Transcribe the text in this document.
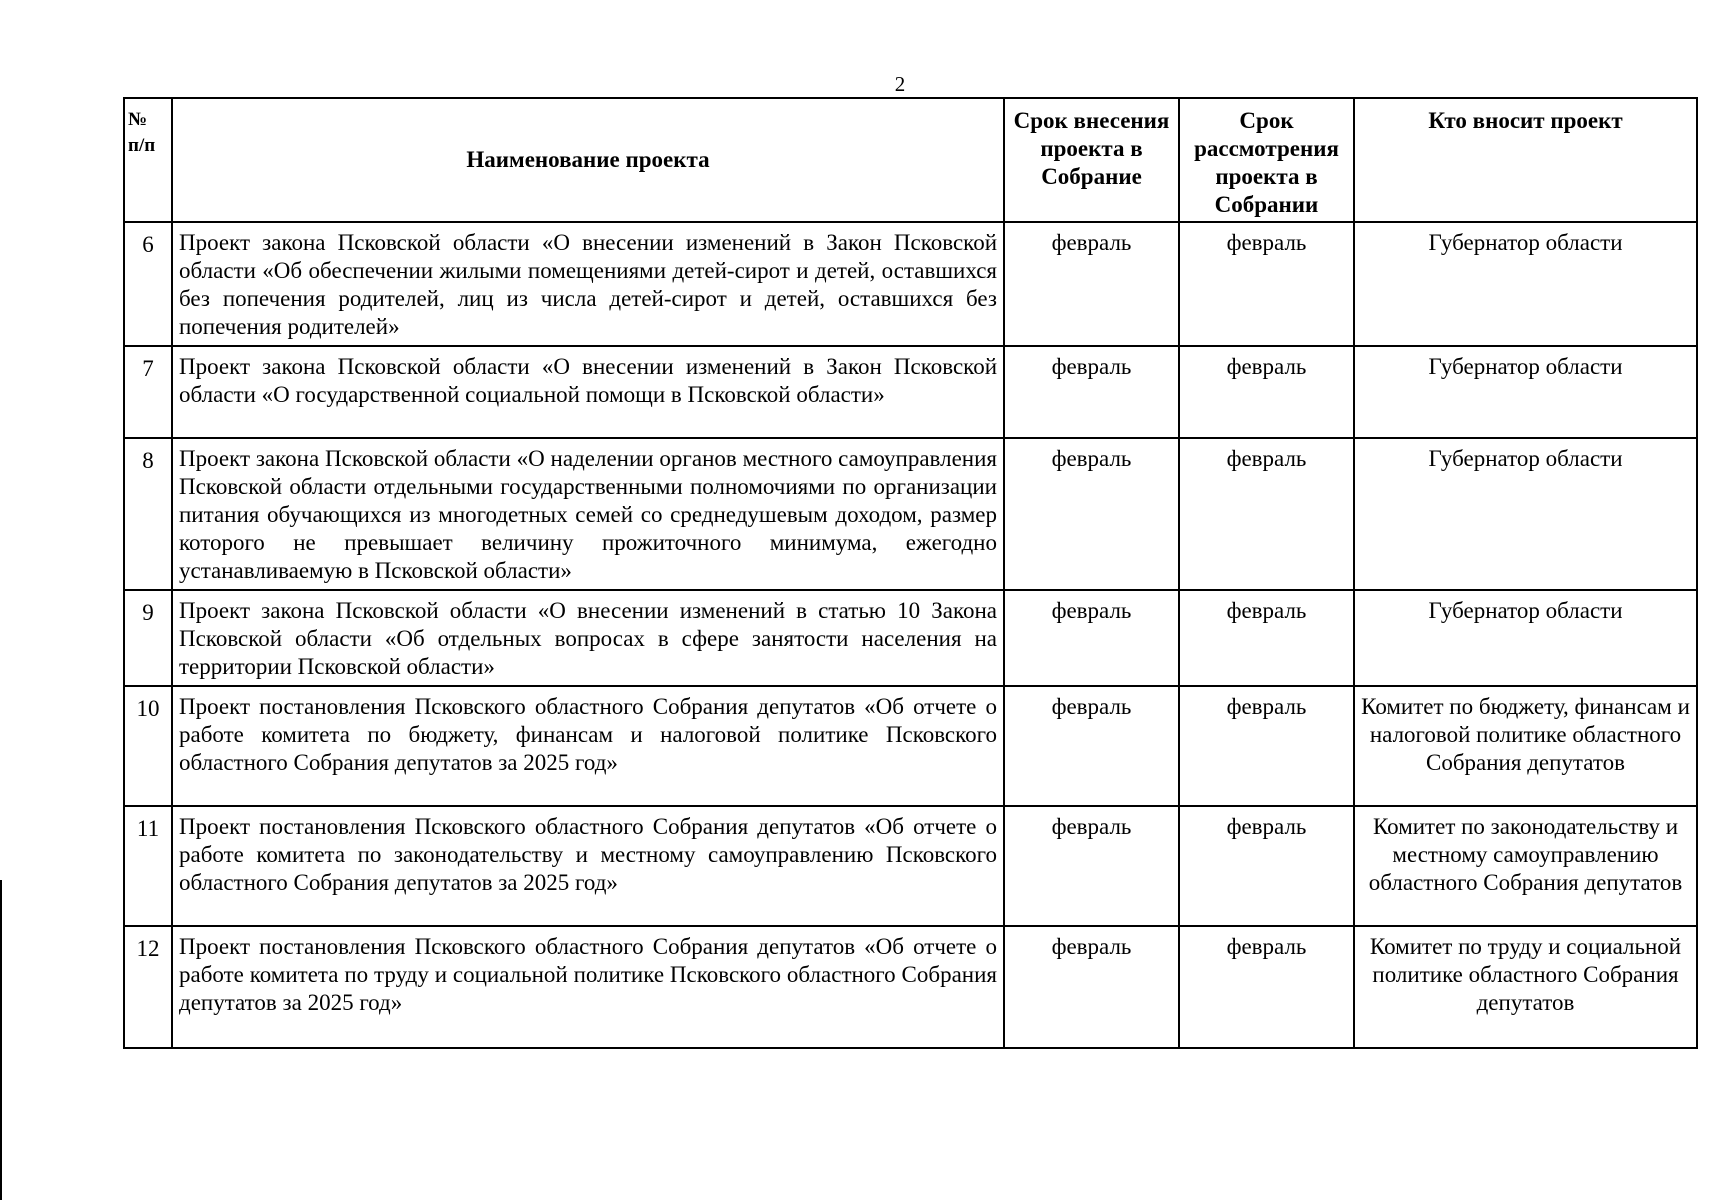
2
№ п/п	Наименование проекта	Срок внесения проекта в Собрание	Срок рассмотрения проекта в Собрании	Кто вносит проект
6	Проект закона Псковской области «О внесении изменений в Закон Псковской области «Об обеспечении жилыми помещениями детей-сирот и детей, оставшихся без попечения родителей, лиц из числа детей-сирот и детей, оставшихся без попечения родителей»	февраль	февраль	Губернатор области
7	Проект закона Псковской области «О внесении изменений в Закон Псковской области «О государственной социальной помощи в Псковской области»	февраль	февраль	Губернатор области
8	Проект закона Псковской области «О наделении органов местного самоуправления Псковской области отдельными государственными полномочиями по организации питания обучающихся из многодетных семей со среднедушевым доходом, размер которого не превышает величину прожиточного минимума, ежегодно устанавливаемую в Псковской области»	февраль	февраль	Губернатор области
9	Проект закона Псковской области «О внесении изменений в статью 10 Закона Псковской области «Об отдельных вопросах в сфере занятости населения на территории Псковской области»	февраль	февраль	Губернатор области
10	Проект постановления Псковского областного Собрания депутатов «Об отчете о работе комитета по бюджету, финансам и налоговой политике Псковского областного Собрания депутатов за 2025 год»	февраль	февраль	Комитет по бюджету, финансам и налоговой политике областного Собрания депутатов
11	Проект постановления Псковского областного Собрания депутатов «Об отчете о работе комитета по законодательству и местному самоуправлению Псковского областного Собрания депутатов за 2025 год»	февраль	февраль	Комитет по законодательству и местному самоуправлению областного Собрания депутатов
12	Проект постановления Псковского областного Собрания депутатов «Об отчете о работе комитета по труду и социальной политике Псковского областного Собрания депутатов за 2025 год»	февраль	февраль	Комитет по труду и социальной политике областного Собрания депутатов
